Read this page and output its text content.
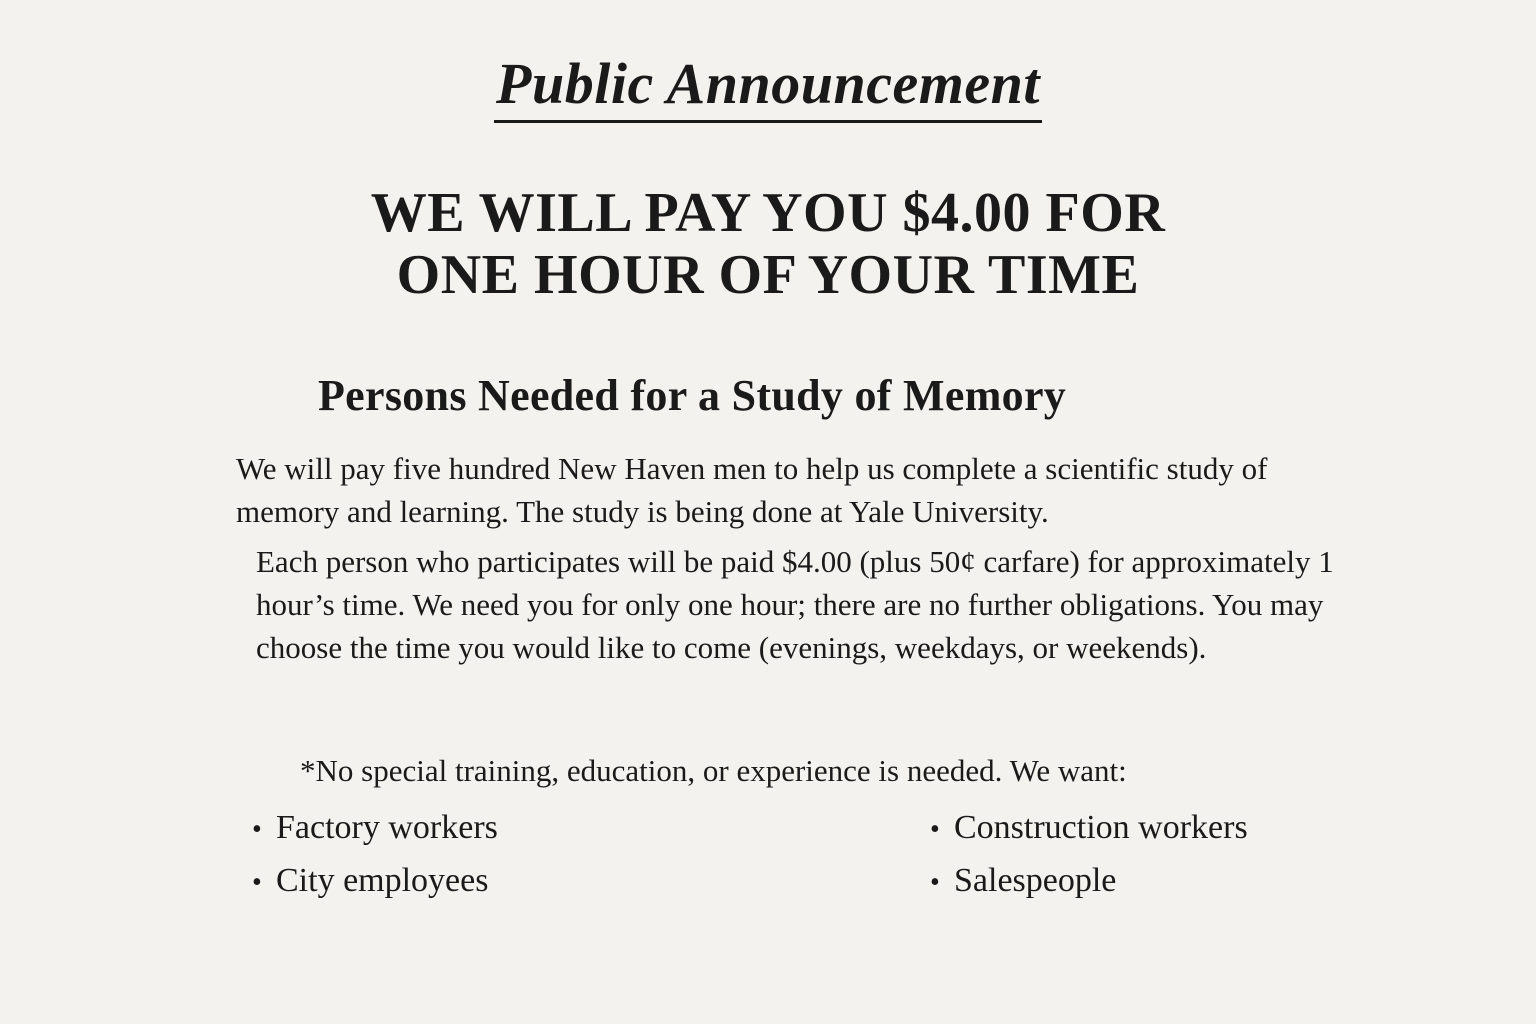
Public Announcement
WE WILL PAY YOU $4.00 FOR
ONE HOUR OF YOUR TIME
Persons Needed for a Study of Memory

We will pay five hundred New Haven men to help us complete a scientific study of memory and learning. The study is being done at Yale University.

Each person who participates will be paid $4.00 (plus 50¢ carfare) for approximately 1 hour’s time. We need you for only one hour; there are no further obligations. You may choose the time you would like to come (evenings, weekdays, or weekends).

*No special training, education, or experience is needed. We want:
• Factory workers
• City employees
• Construction workers
• Salespeople
